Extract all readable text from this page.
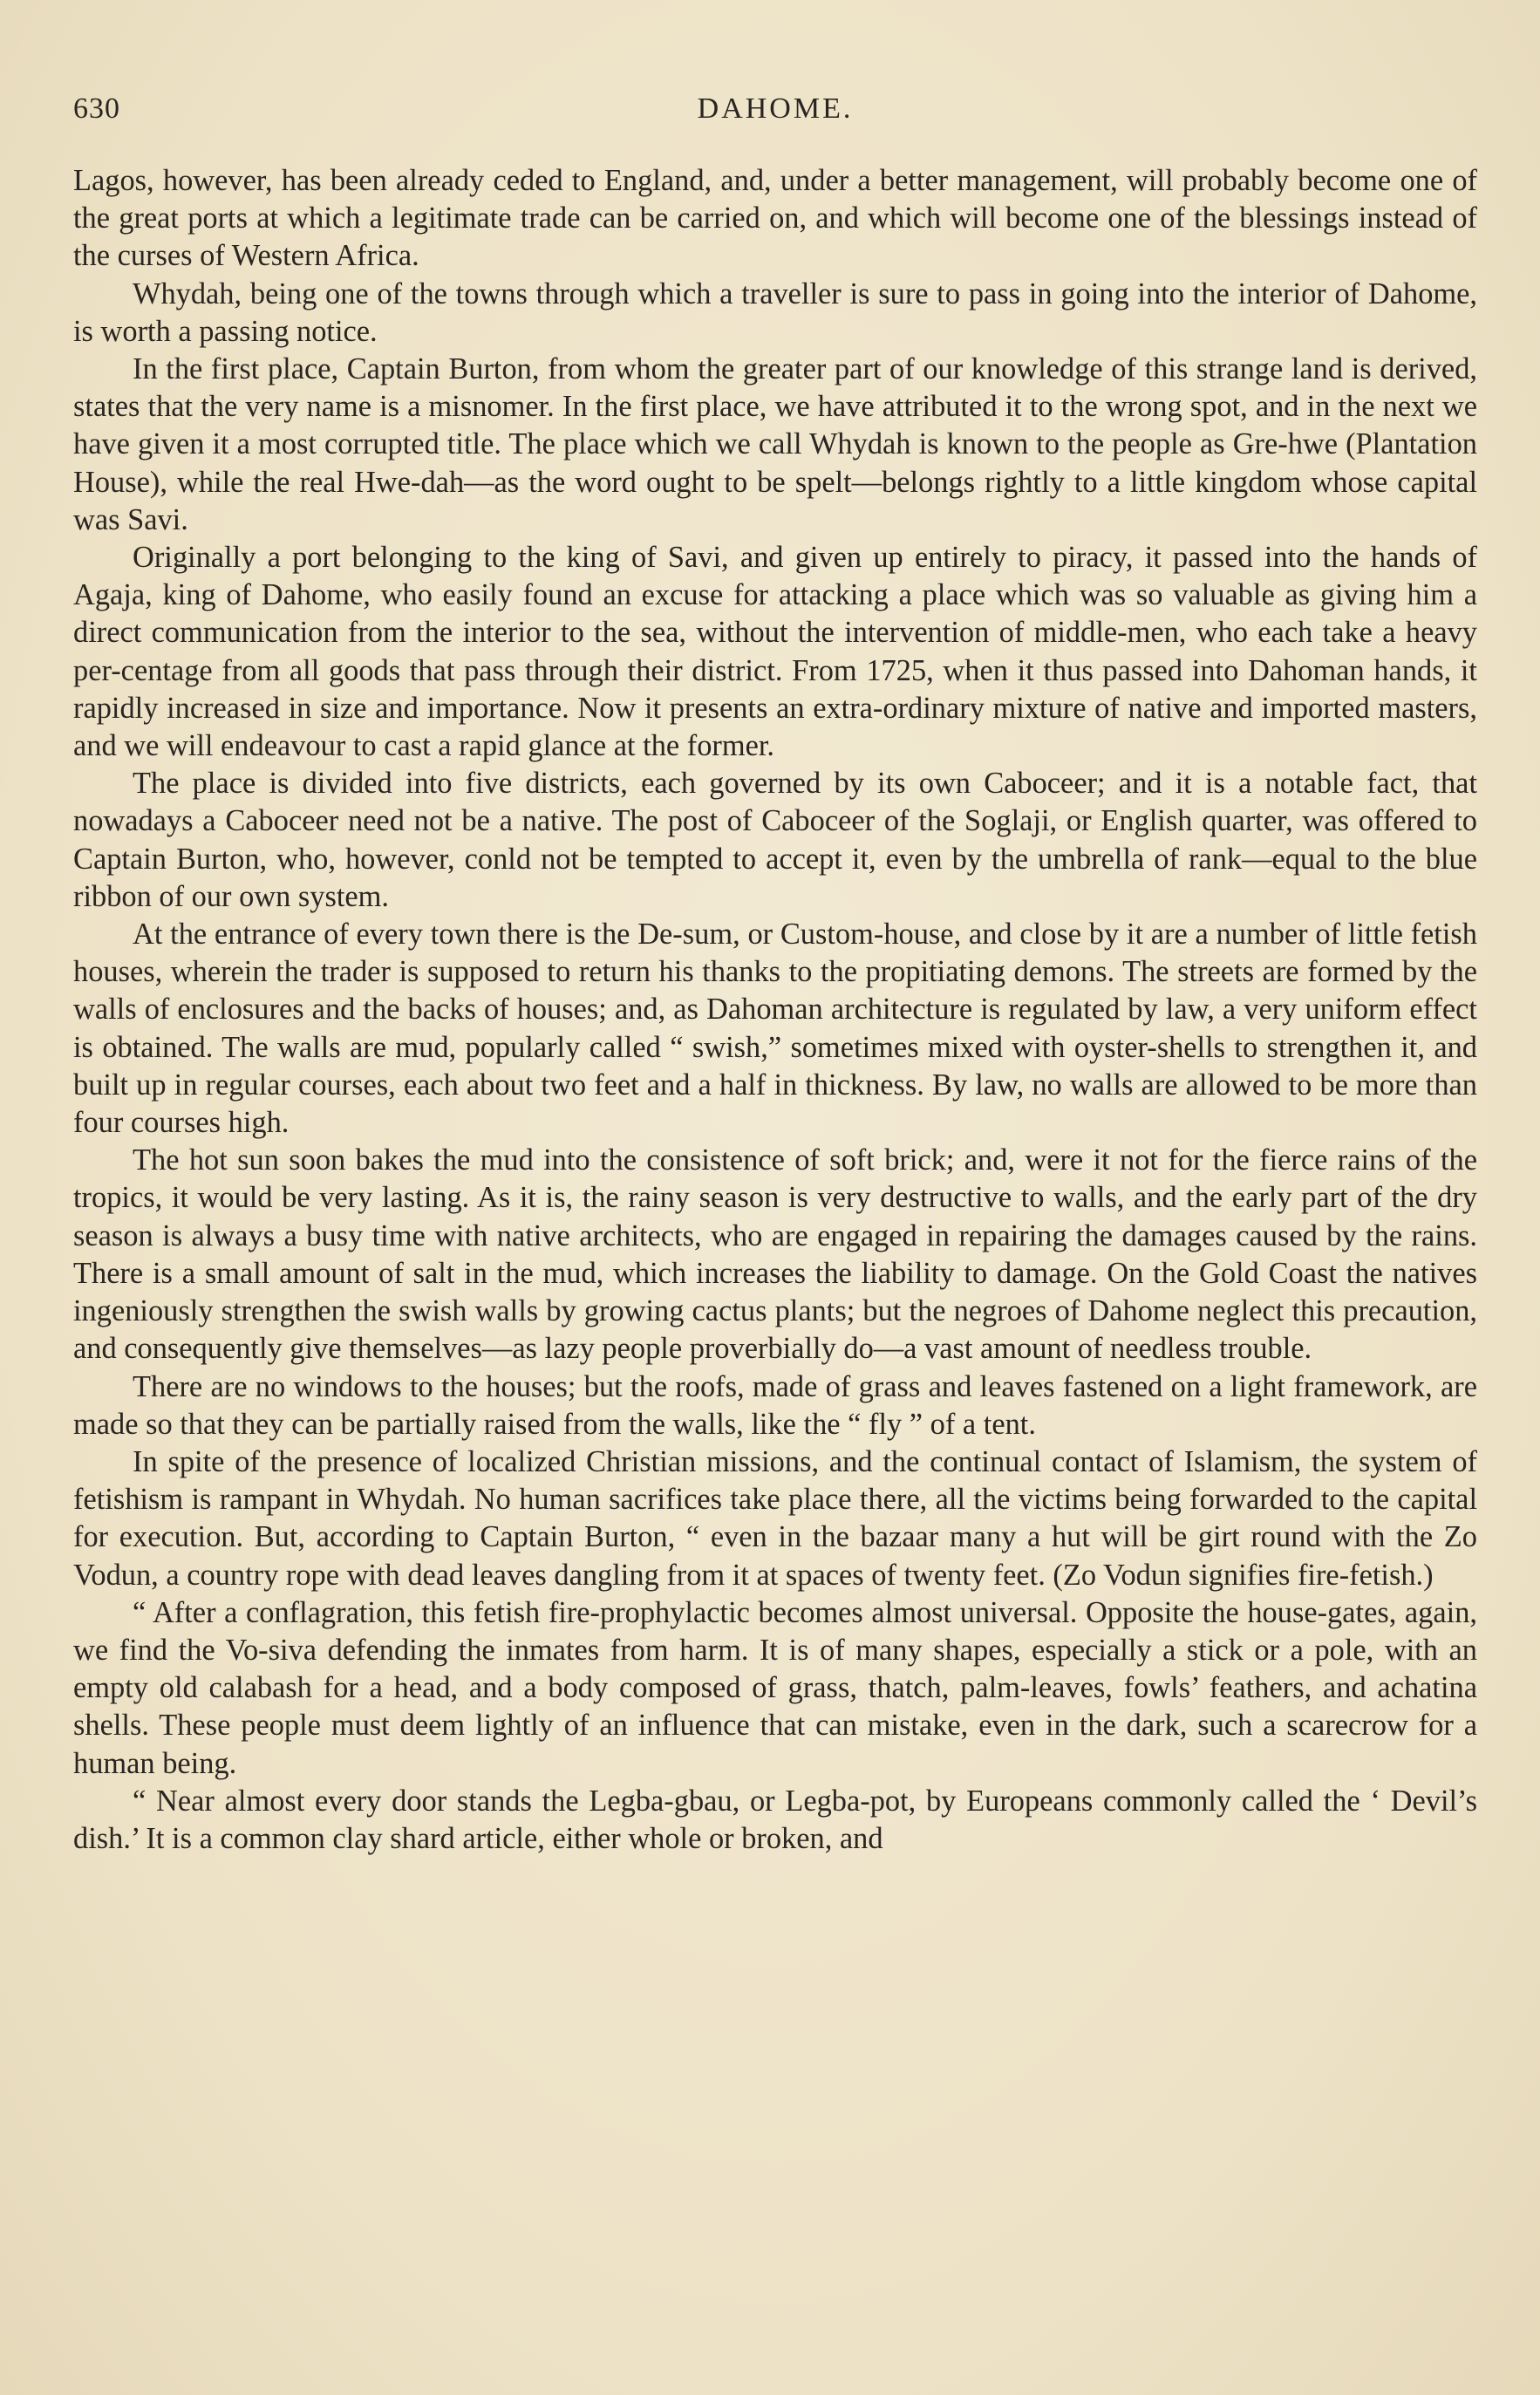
630	DAHOME.

Lagos, however, has been already ceded to England, and, under a better management, will probably become one of the great ports at which a legitimate trade can be carried on, and which will become one of the blessings instead of the curses of Western Africa.

Whydah, being one of the towns through which a traveller is sure to pass in going into the interior of Dahome, is worth a passing notice.

In the first place, Captain Burton, from whom the greater part of our knowledge of this strange land is derived, states that the very name is a misnomer. In the first place, we have attributed it to the wrong spot, and in the next we have given it a most corrupted title. The place which we call Whydah is known to the people as Gre-hwe (Plantation House), while the real Hwe-dah—as the word ought to be spelt—belongs rightly to a little kingdom whose capital was Savi.

Originally a port belonging to the king of Savi, and given up entirely to piracy, it passed into the hands of Agaja, king of Dahome, who easily found an excuse for attacking a place which was so valuable as giving him a direct communication from the interior to the sea, without the intervention of middle-men, who each take a heavy per-centage from all goods that pass through their district. From 1725, when it thus passed into Dahoman hands, it rapidly increased in size and importance. Now it presents an extra-ordinary mixture of native and imported masters, and we will endeavour to cast a rapid glance at the former.

The place is divided into five districts, each governed by its own Caboceer; and it is a notable fact, that nowadays a Caboceer need not be a native. The post of Caboceer of the Soglaji, or English quarter, was offered to Captain Burton, who, however, conld not be tempted to accept it, even by the umbrella of rank—equal to the blue ribbon of our own system.

At the entrance of every town there is the De-sum, or Custom-house, and close by it are a number of little fetish houses, wherein the trader is supposed to return his thanks to the propitiating demons. The streets are formed by the walls of enclosures and the backs of houses; and, as Dahoman architecture is regulated by law, a very uniform effect is obtained. The walls are mud, popularly called “ swish,” sometimes mixed with oyster-shells to strengthen it, and built up in regular courses, each about two feet and a half in thickness. By law, no walls are allowed to be more than four courses high.

The hot sun soon bakes the mud into the consistence of soft brick; and, were it not for the fierce rains of the tropics, it would be very lasting. As it is, the rainy season is very destructive to walls, and the early part of the dry season is always a busy time with native architects, who are engaged in repairing the damages caused by the rains. There is a small amount of salt in the mud, which increases the liability to damage. On the Gold Coast the natives ingeniously strengthen the swish walls by growing cactus plants; but the negroes of Dahome neglect this precaution, and consequently give themselves—as lazy people proverbially do—a vast amount of needless trouble.

There are no windows to the houses; but the roofs, made of grass and leaves fastened on a light framework, are made so that they can be partially raised from the walls, like the “ fly ” of a tent.

In spite of the presence of localized Christian missions, and the continual contact of Islamism, the system of fetishism is rampant in Whydah. No human sacrifices take place there, all the victims being forwarded to the capital for execution. But, according to Captain Burton, “ even in the bazaar many a hut will be girt round with the Zo Vodun, a country rope with dead leaves dangling from it at spaces of twenty feet. (Zo Vodun signifies fire-fetish.)

“ After a conflagration, this fetish fire-prophylactic becomes almost universal. Opposite the house-gates, again, we find the Vo-siva defending the inmates from harm. It is of many shapes, especially a stick or a pole, with an empty old calabash for a head, and a body composed of grass, thatch, palm-leaves, fowls’ feathers, and achatina shells. These people must deem lightly of an influence that can mistake, even in the dark, such a scarecrow for a human being.

“ Near almost every door stands the Legba-gbau, or Legba-pot, by Europeans commonly called the ‘ Devil’s dish.’ It is a common clay shard article, either whole or broken, and
